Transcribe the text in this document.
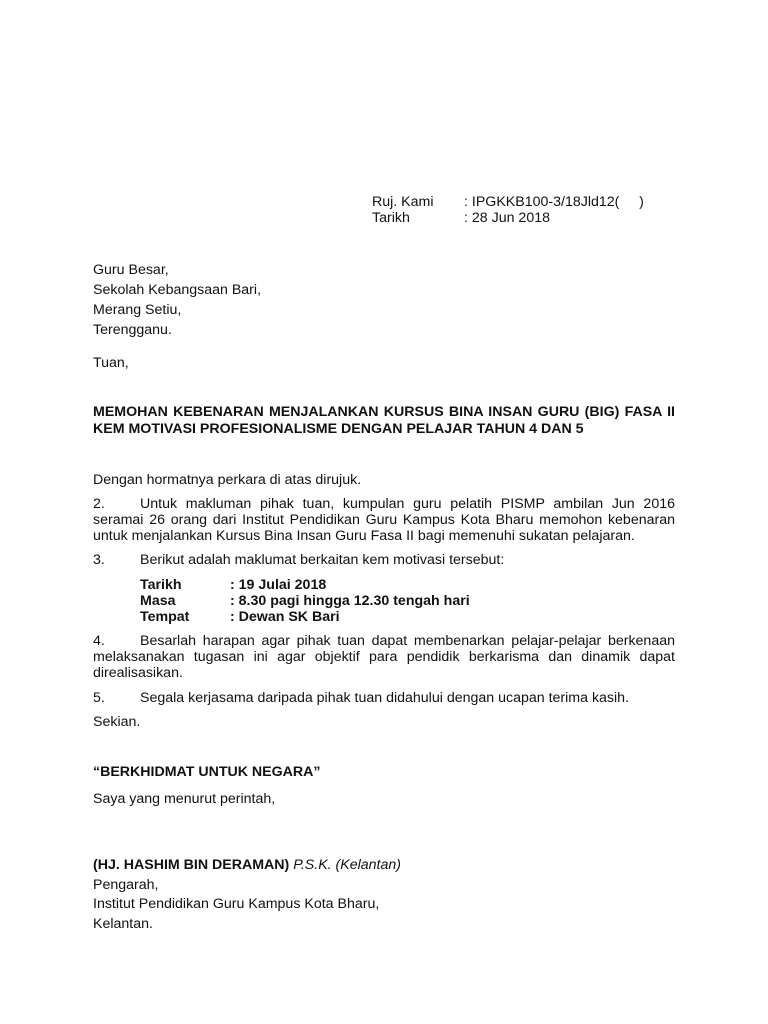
Ruj. Kami	: IPGKKB100-3/18Jld12(     )
Tarikh	: 28 Jun 2018
Guru Besar,
Sekolah Kebangsaan Bari,
Merang Setiu,
Terengganu.
Tuan,
MEMOHAN KEBENARAN MENJALANKAN KURSUS BINA INSAN GURU (BIG) FASA II
KEM MOTIVASI PROFESIONALISME DENGAN PELAJAR TAHUN 4 DAN 5
Dengan hormatnya perkara di atas dirujuk.
2. Untuk makluman pihak tuan, kumpulan guru pelatih PISMP ambilan Jun 2016 seramai 26 orang dari Institut Pendidikan Guru Kampus Kota Bharu memohon kebenaran untuk menjalankan Kursus Bina Insan Guru Fasa II bagi memenuhi sukatan pelajaran.
3. Berikut adalah maklumat berkaitan kem motivasi tersebut:
Tarikh	: 19 Julai 2018
Masa	: 8.30 pagi hingga 12.30 tengah hari
Tempat	: Dewan SK Bari
4. Besarlah harapan agar pihak tuan dapat membenarkan pelajar-pelajar berkenaan melaksanakan tugasan ini agar objektif para pendidik berkarisma dan dinamik dapat direalisasikan.
5. Segala kerjasama daripada pihak tuan didahului dengan ucapan terima kasih.
Sekian.
“BERKHIDMAT UNTUK NEGARA”
Saya yang menurut perintah,
(HJ. HASHIM BIN DERAMAN) P.S.K. (Kelantan)
Pengarah,
Institut Pendidikan Guru Kampus Kota Bharu,
Kelantan.
